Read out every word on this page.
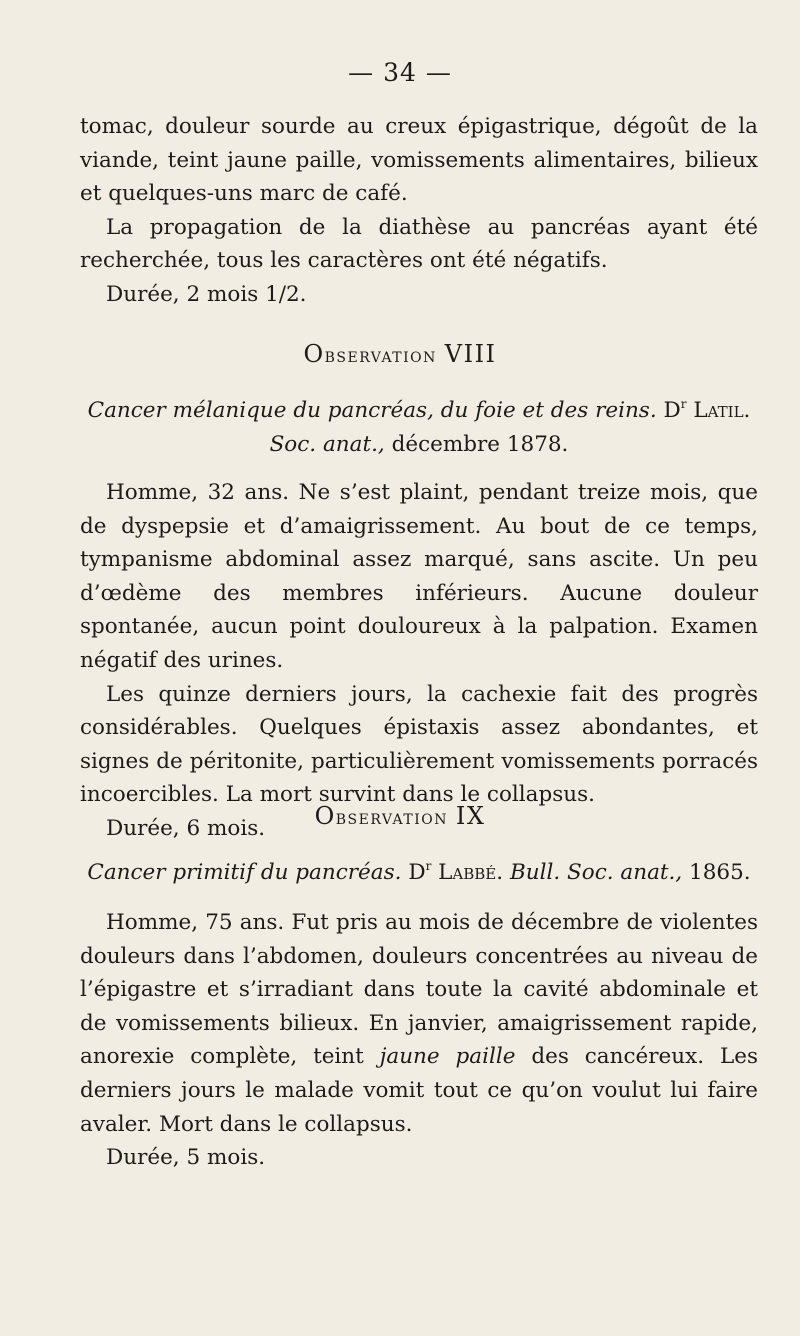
— 34 —

tomac, douleur sourde au creux épigastrique, dégoût de la viande, teint jaune paille, vomissements alimentaires, bilieux et quelques-uns marc de café.

La propagation de la diathèse au pancréas ayant été recherchée, tous les caractères ont été négatifs.

Durée, 2 mois 1/2.

Observation VIII
Cancer mélanique du pancréas, du foie et des reins. $D^r$ Latil.
Soc. anat., décembre 1878.

Homme, 32 ans. Ne s’est plaint, pendant treize mois, que de dyspepsie et d’amaigrissement. Au bout de ce temps, tympanisme abdominal assez marqué, sans ascite. Un peu d’œdème des membres inférieurs. Aucune douleur spontanée, aucun point douloureux à la palpation. Examen négatif des urines.

Les quinze derniers jours, la cachexie fait des progrès considérables. Quelques épistaxis assez abondantes, et signes de péritonite, particulièrement vomissements porracés incoercibles. La mort survint dans le collapsus.

Durée, 6 mois.	Observation IX
Cancer primitif du pancréas. $D^r$ Labbé. Bull. Soc. anat., 1865.

Homme, 75 ans. Fut pris au mois de décembre de violentes douleurs dans l’abdomen, douleurs concentrées au niveau de l’épigastre et s’irradiant dans toute la cavité abdominale et de vomissements bilieux. En janvier, amaigrissement rapide, anorexie complète, teint jaune paille des cancéreux. Les derniers jours le malade vomit tout ce qu’on voulut lui faire avaler. Mort dans le collapsus.

Durée, 5 mois.
